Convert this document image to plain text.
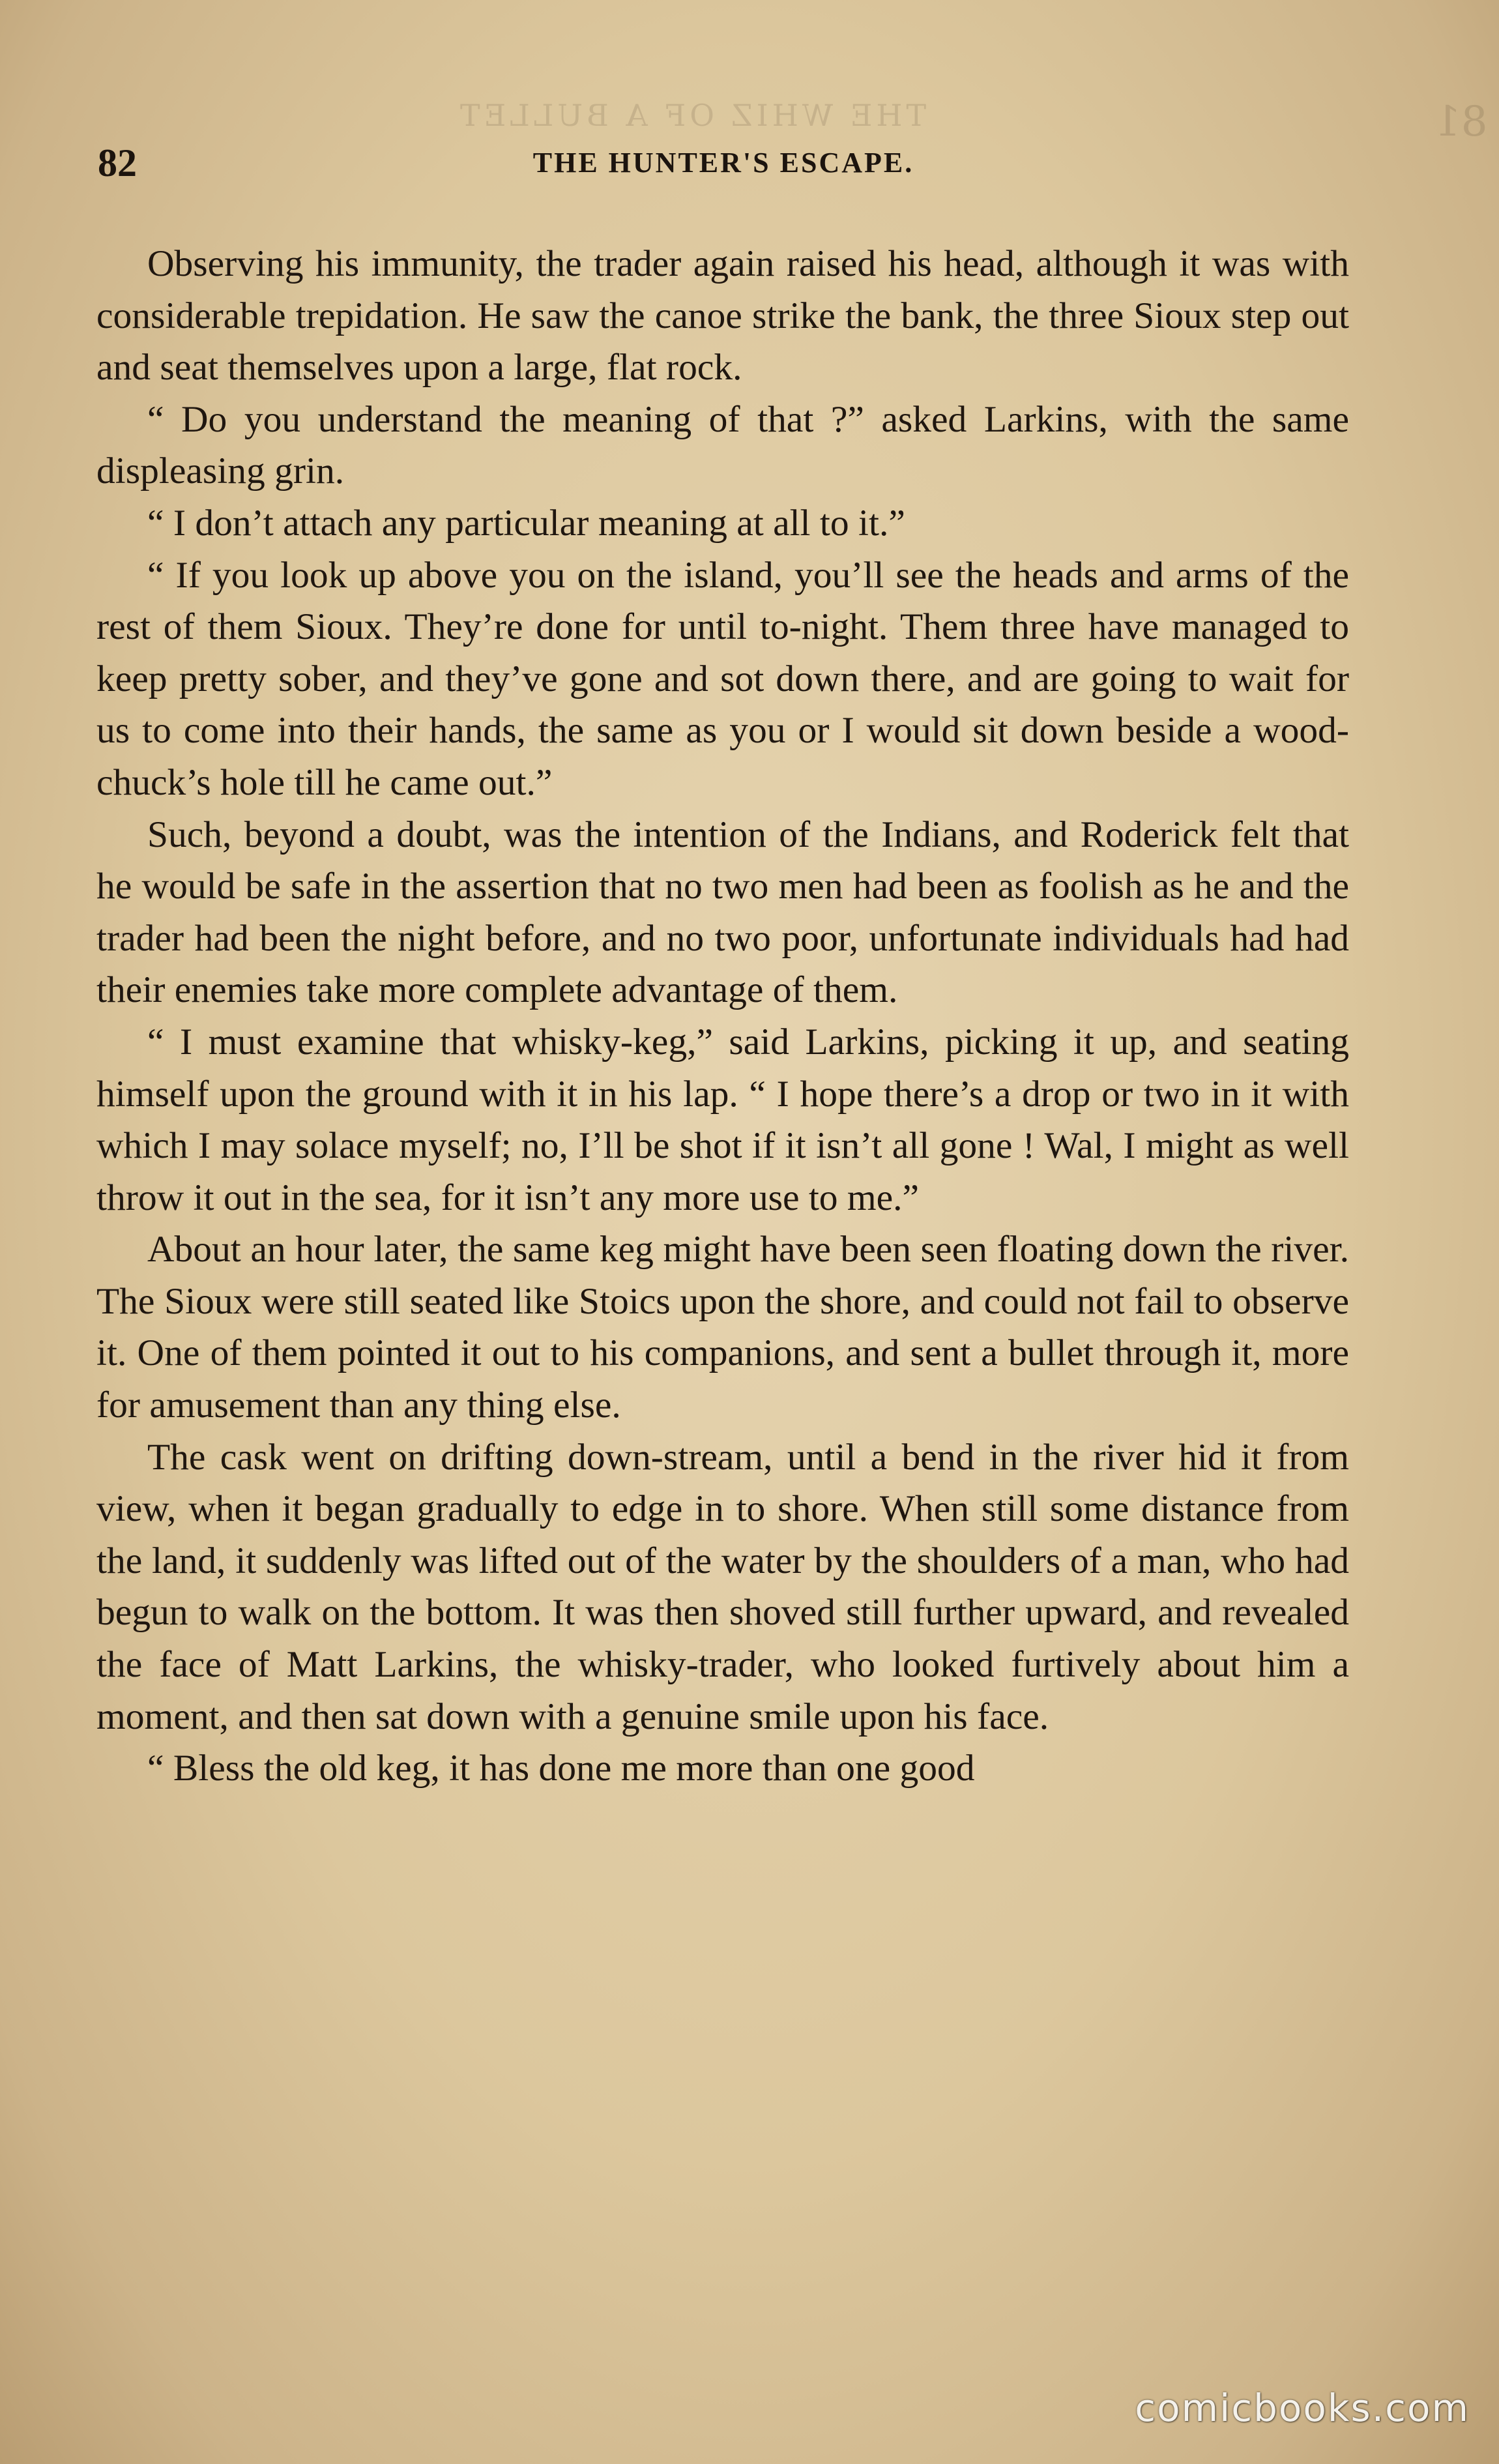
THE WHIZ OF A BULLET	81
82	THE HUNTER'S ESCAPE.

Observing his immunity, the trader again raised his head, although it was with considerable trepidation. He saw the canoe strike the bank, the three Sioux step out and seat themselves upon a large, flat rock.

“ Do you understand the meaning of that ?” asked Larkins, with the same displeasing grin.

“ I don’t attach any particular meaning at all to it.”

“ If you look up above you on the island, you’ll see the heads and arms of the rest of them Sioux. They’re done for until to-night. Them three have managed to keep pretty sober, and they’ve gone and sot down there, and are going to wait for us to come into their hands, the same as you or I would sit down beside a wood-chuck’s hole till he came out.”

Such, beyond a doubt, was the intention of the Indians, and Roderick felt that he would be safe in the assertion that no two men had been as foolish as he and the trader had been the night before, and no two poor, unfortunate individuals had had their enemies take more complete advantage of them.

“ I must examine that whisky-keg,” said Larkins, picking it up, and seating himself upon the ground with it in his lap. “ I hope there’s a drop or two in it with which I may solace myself; no, I’ll be shot if it isn’t all gone ! Wal, I might as well throw it out in the sea, for it isn’t any more use to me.”

About an hour later, the same keg might have been seen floating down the river. The Sioux were still seated like Stoics upon the shore, and could not fail to observe it. One of them pointed it out to his companions, and sent a bullet through it, more for amusement than any thing else.

The cask went on drifting down-stream, until a bend in the river hid it from view, when it began gradually to edge in to shore. When still some distance from the land, it suddenly was lifted out of the water by the shoulders of a man, who had begun to walk on the bottom. It was then shoved still further upward, and revealed the face of Matt Larkins, the whisky-trader, who looked furtively about him a moment, and then sat down with a genuine smile upon his face.

“ Bless the old keg, it has done me more than one good

comicbooks.com
